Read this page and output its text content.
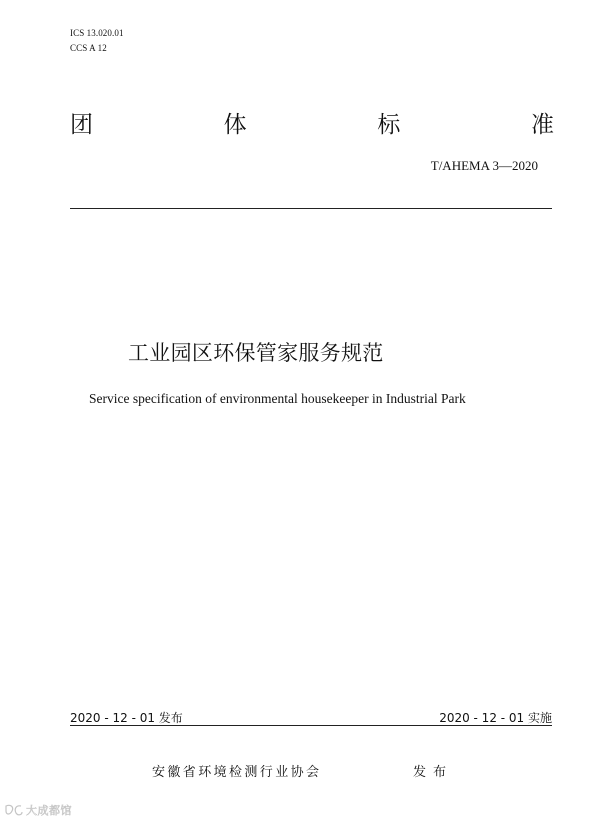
ICS 13.020.01
CCS A 12
团	体	标	准
T/AHEMA 3—2020
工业园区环保管家服务规范
Service specification of environmental housekeeper in Industrial Park
2020 - 12 - 01 发布	2020 - 12 - 01 实施
安徽省环境检测行业协会	发布
大成都馆
